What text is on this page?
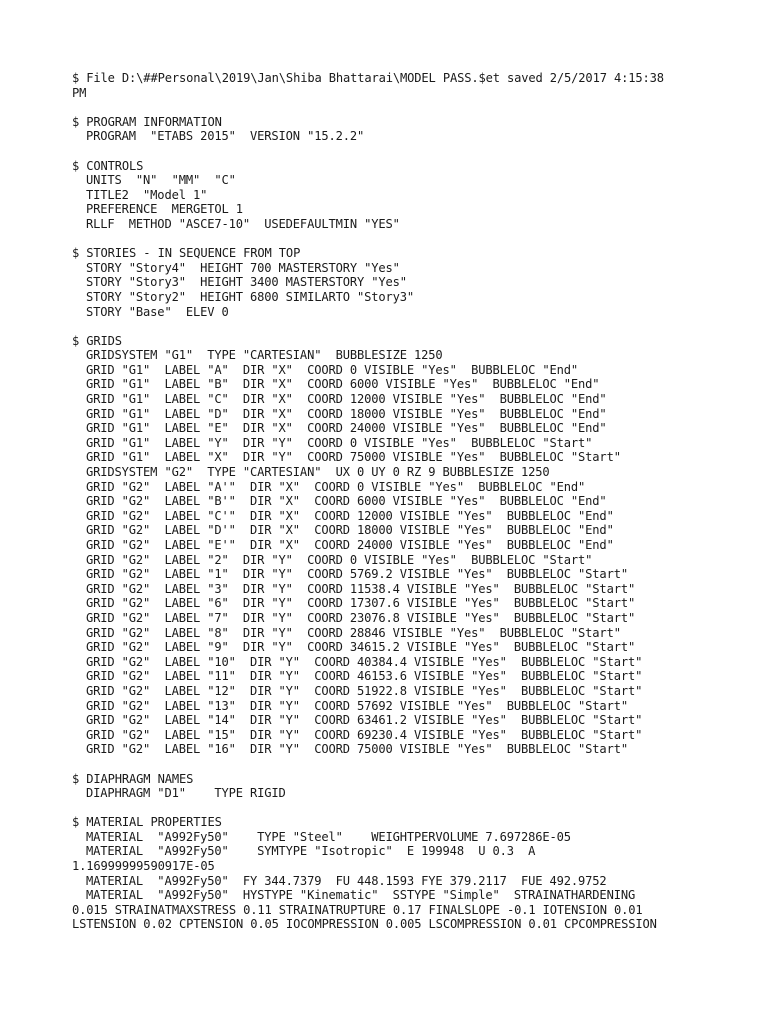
$ File D:\##Personal\2019\Jan\Shiba Bhattarai\MODEL PASS.$et saved 2/5/2017 4:15:38
PM
$ PROGRAM INFORMATION
PROGRAM  "ETABS 2015"  VERSION "15.2.2"
$ CONTROLS
UNITS  "N"  "MM"  "C"
TITLE2  "Model 1"
PREFERENCE  MERGETOL 1
RLLF  METHOD "ASCE7-10"  USEDEFAULTMIN "YES"
$ STORIES - IN SEQUENCE FROM TOP
STORY "Story4"  HEIGHT 700 MASTERSTORY "Yes"
STORY "Story3"  HEIGHT 3400 MASTERSTORY "Yes"
STORY "Story2"  HEIGHT 6800 SIMILARTO "Story3"
STORY "Base"  ELEV 0
$ GRIDS
GRIDSYSTEM "G1"  TYPE "CARTESIAN"  BUBBLESIZE 1250
GRID "G1"  LABEL "A"  DIR "X"  COORD 0 VISIBLE "Yes"  BUBBLELOC "End"
GRID "G1"  LABEL "B"  DIR "X"  COORD 6000 VISIBLE "Yes"  BUBBLELOC "End"
GRID "G1"  LABEL "C"  DIR "X"  COORD 12000 VISIBLE "Yes"  BUBBLELOC "End"
GRID "G1"  LABEL "D"  DIR "X"  COORD 18000 VISIBLE "Yes"  BUBBLELOC "End"
GRID "G1"  LABEL "E"  DIR "X"  COORD 24000 VISIBLE "Yes"  BUBBLELOC "End"
GRID "G1"  LABEL "Y"  DIR "Y"  COORD 0 VISIBLE "Yes"  BUBBLELOC "Start"
GRID "G1"  LABEL "X"  DIR "Y"  COORD 75000 VISIBLE "Yes"  BUBBLELOC "Start"
GRIDSYSTEM "G2"  TYPE "CARTESIAN"  UX 0 UY 0 RZ 9 BUBBLESIZE 1250
GRID "G2"  LABEL "A'"  DIR "X"  COORD 0 VISIBLE "Yes"  BUBBLELOC "End"
GRID "G2"  LABEL "B'"  DIR "X"  COORD 6000 VISIBLE "Yes"  BUBBLELOC "End"
GRID "G2"  LABEL "C'"  DIR "X"  COORD 12000 VISIBLE "Yes"  BUBBLELOC "End"
GRID "G2"  LABEL "D'"  DIR "X"  COORD 18000 VISIBLE "Yes"  BUBBLELOC "End"
GRID "G2"  LABEL "E'"  DIR "X"  COORD 24000 VISIBLE "Yes"  BUBBLELOC "End"
GRID "G2"  LABEL "2"  DIR "Y"  COORD 0 VISIBLE "Yes"  BUBBLELOC "Start"
GRID "G2"  LABEL "1"  DIR "Y"  COORD 5769.2 VISIBLE "Yes"  BUBBLELOC "Start"
GRID "G2"  LABEL "3"  DIR "Y"  COORD 11538.4 VISIBLE "Yes"  BUBBLELOC "Start"
GRID "G2"  LABEL "6"  DIR "Y"  COORD 17307.6 VISIBLE "Yes"  BUBBLELOC "Start"
GRID "G2"  LABEL "7"  DIR "Y"  COORD 23076.8 VISIBLE "Yes"  BUBBLELOC "Start"
GRID "G2"  LABEL "8"  DIR "Y"  COORD 28846 VISIBLE "Yes"  BUBBLELOC "Start"
GRID "G2"  LABEL "9"  DIR "Y"  COORD 34615.2 VISIBLE "Yes"  BUBBLELOC "Start"
GRID "G2"  LABEL "10"  DIR "Y"  COORD 40384.4 VISIBLE "Yes"  BUBBLELOC "Start"
GRID "G2"  LABEL "11"  DIR "Y"  COORD 46153.6 VISIBLE "Yes"  BUBBLELOC "Start"
GRID "G2"  LABEL "12"  DIR "Y"  COORD 51922.8 VISIBLE "Yes"  BUBBLELOC "Start"
GRID "G2"  LABEL "13"  DIR "Y"  COORD 57692 VISIBLE "Yes"  BUBBLELOC "Start"
GRID "G2"  LABEL "14"  DIR "Y"  COORD 63461.2 VISIBLE "Yes"  BUBBLELOC "Start"
GRID "G2"  LABEL "15"  DIR "Y"  COORD 69230.4 VISIBLE "Yes"  BUBBLELOC "Start"
GRID "G2"  LABEL "16"  DIR "Y"  COORD 75000 VISIBLE "Yes"  BUBBLELOC "Start"
$ DIAPHRAGM NAMES
DIAPHRAGM "D1"    TYPE RIGID
$ MATERIAL PROPERTIES
MATERIAL  "A992Fy50"    TYPE "Steel"    WEIGHTPERVOLUME 7.697286E-05
MATERIAL  "A992Fy50"    SYMTYPE "Isotropic"  E 199948  U 0.3  A
1.16999999590917E-05
MATERIAL  "A992Fy50"  FY 344.7379  FU 448.1593 FYE 379.2117  FUE 492.9752
MATERIAL  "A992Fy50"  HYSTYPE "Kinematic"  SSTYPE "Simple"  STRAINATHARDENING
0.015 STRAINATMAXSTRESS 0.11 STRAINATRUPTURE 0.17 FINALSLOPE -0.1 IOTENSION 0.01
LSTENSION 0.02 CPTENSION 0.05 IOCOMPRESSION 0.005 LSCOMPRESSION 0.01 CPCOMPRESSION
